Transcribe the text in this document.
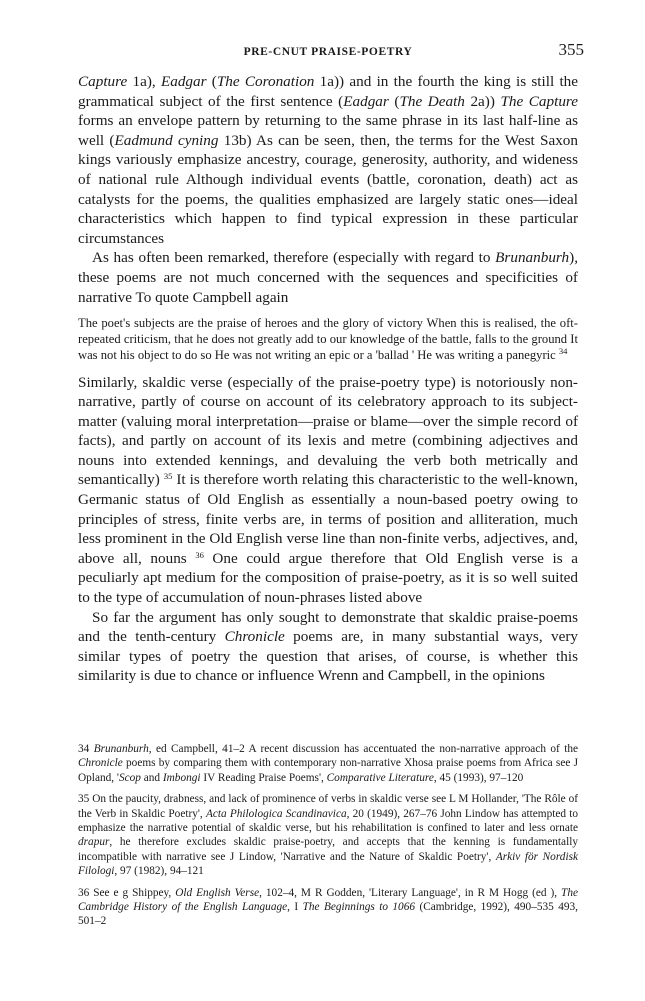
PRE-CNUT PRAISE-POETRY	355

Capture 1a), Eadgar (The Coronation 1a)) and in the fourth the king is still the grammatical subject of the first sentence (Eadgar (The Death 2a)) The Capture forms an envelope pattern by returning to the same phrase in its last half-line as well (Eadmund cyning 13b) As can be seen, then, the terms for the West Saxon kings variously emphasize ancestry, courage, generosity, authority, and wideness of national rule Although individual events (battle, coronation, death) act as catalysts for the poems, the qualities emphasized are largely static ones—ideal characteristics which happen to find typical expression in these particular circumstances

As has often been remarked, therefore (especially with regard to Brunanburh), these poems are not much concerned with the sequences and specificities of narrative To quote Campbell again

The poet's subjects are the praise of heroes and the glory of victory When this is realised, the oft-repeated criticism, that he does not greatly add to our knowledge of the battle, falls to the ground It was not his object to do so He was not writing an epic or a 'ballad ' He was writing a panegyric $^{34}$

Similarly, skaldic verse (especially of the praise-poetry type) is notoriously non-narrative, partly of course on account of its celebratory approach to its subject-matter (valuing moral interpretation—praise or blame—over the simple record of facts), and partly on account of its lexis and metre (combining adjectives and nouns into extended kennings, and devaluing the verb both metrically and semantically) $^{35}$ It is therefore worth relating this characteristic to the well-known, Germanic status of Old English as essentially a noun-based poetry owing to principles of stress, finite verbs are, in terms of position and alliteration, much less prominent in the Old English verse line than non-finite verbs, adjectives, and, above all, nouns $^{36}$ One could argue therefore that Old English verse is a peculiarly apt medium for the composition of praise-poetry, as it is so well suited to the type of accumulation of noun-phrases listed above

So far the argument has only sought to demonstrate that skaldic praise-poems and the tenth-century Chronicle poems are, in many substantial ways, very similar types of poetry the question that arises, of course, is whether this similarity is due to chance or influence Wrenn and Campbell, in the opinions

34 Brunanburh, ed Campbell, 41–2 A recent discussion has accentuated the non-narrative approach of the Chronicle poems by comparing them with contemporary non-narrative Xhosa praise poems from Africa see J Opland, 'Scop and Imbongi IV Reading Praise Poems', Comparative Literature, 45 (1993), 97–120
35 On the paucity, drabness, and lack of prominence of verbs in skaldic verse see L M Hollander, 'The Rôle of the Verb in Skaldic Poetry', Acta Philologica Scandinavica, 20 (1949), 267–76 John Lindow has attempted to emphasize the narrative potential of skaldic verse, but his rehabilitation is confined to later and less ornate drapur, he therefore excludes skaldic praise-poetry, and accepts that the kenning is fundamentally incompatible with narrative see J Lindow, 'Narrative and the Nature of Skaldic Poetry', Arkiv för Nordisk Filologi, 97 (1982), 94–121
36 See e g Shippey, Old English Verse, 102–4, M R Godden, 'Literary Language', in R M Hogg (ed ), The Cambridge History of the English Language, I The Beginnings to 1066 (Cambridge, 1992), 490–535 493, 501–2
